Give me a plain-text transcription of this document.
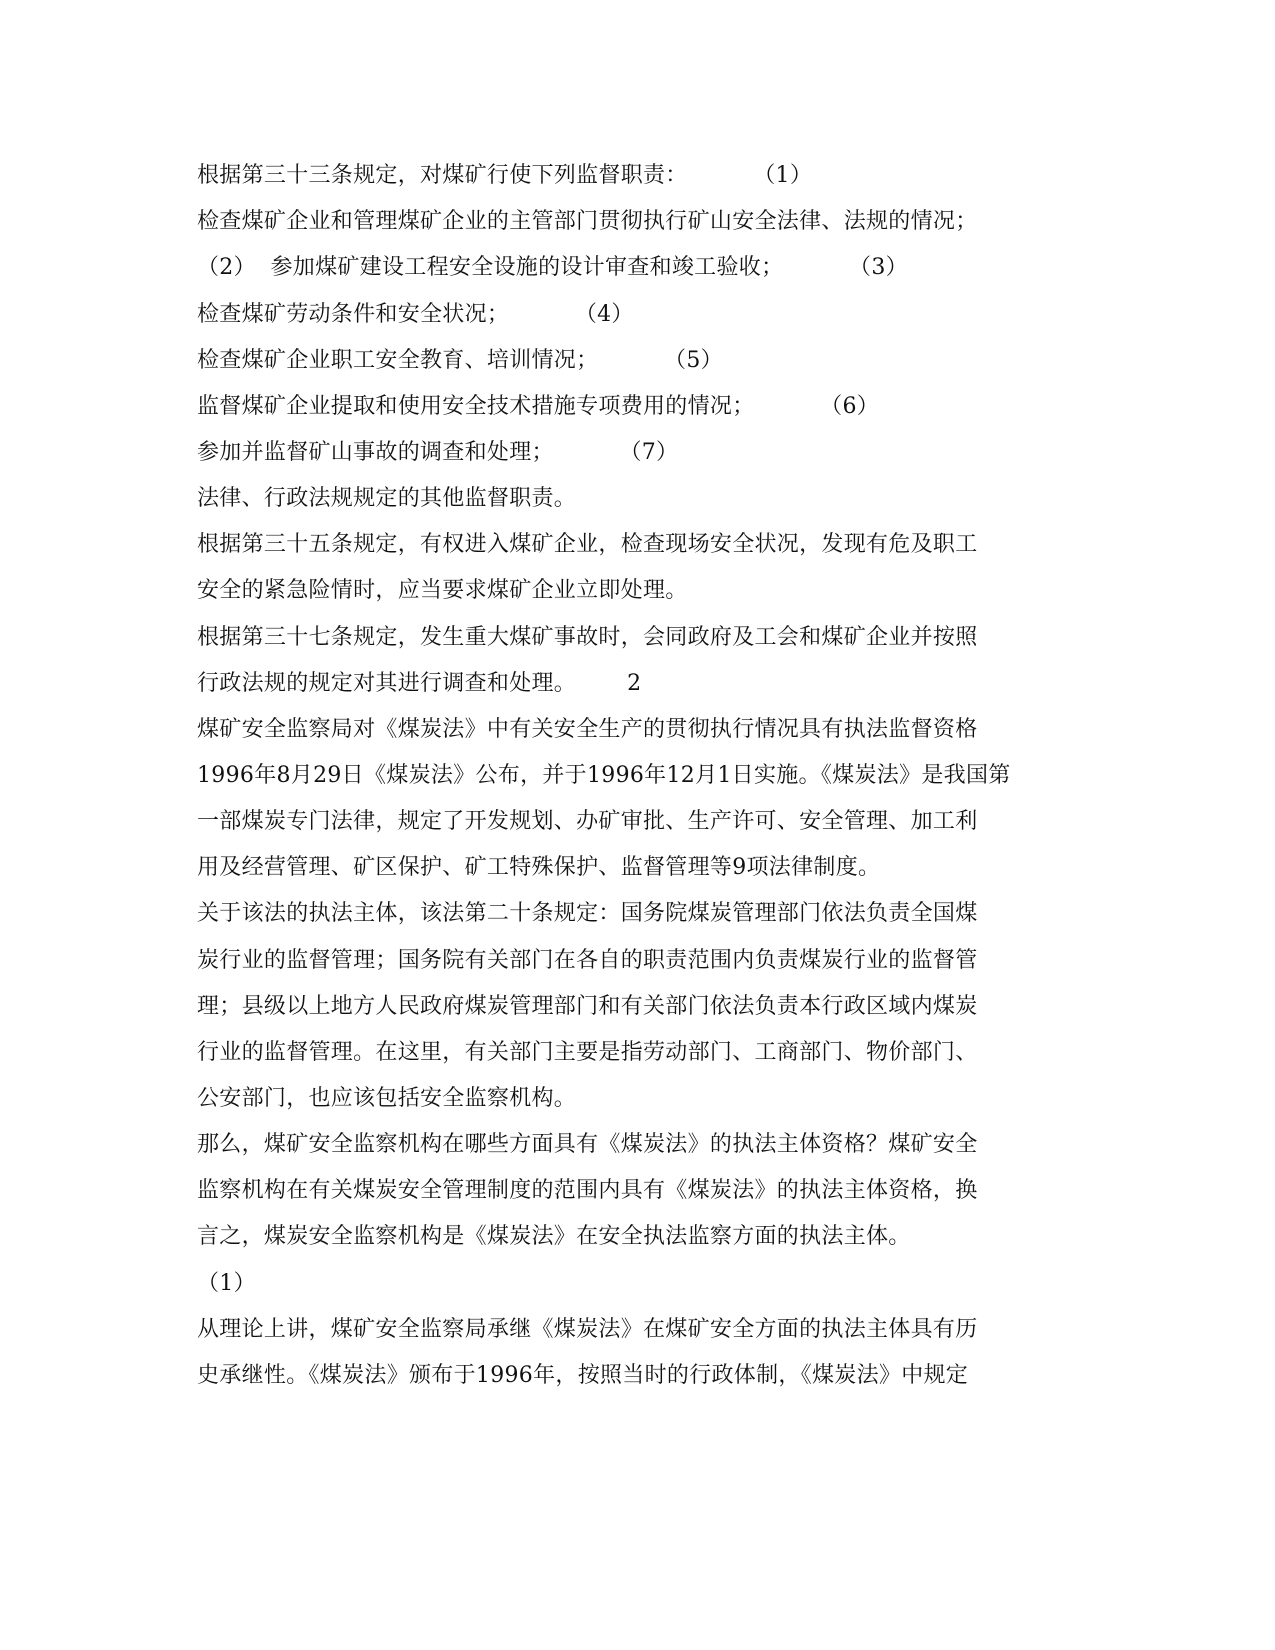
根据第三十三条规定，对煤矿行使下列监督职责：         （1）
检查煤矿企业和管理煤矿企业的主管部门贯彻执行矿山安全法律、法规的情况；
（2）  参加煤矿建设工程安全设施的设计审查和竣工验收；         （3）
检查煤矿劳动条件和安全状况；         （4）
检查煤矿企业职工安全教育、培训情况；         （5）
监督煤矿企业提取和使用安全技术措施专项费用的情况；         （6）
参加并监督矿山事故的调查和处理；         （7）
法律、行政法规规定的其他监督职责。
根据第三十五条规定，有权进入煤矿企业，检查现场安全状况，发现有危及职工
安全的紧急险情时，应当要求煤矿企业立即处理。
根据第三十七条规定，发生重大煤矿事故时，会同政府及工会和煤矿企业并按照
行政法规的规定对其进行调查和处理。       2
煤矿安全监察局对《煤炭法》中有关安全生产的贯彻执行情况具有执法监督资格
1996年8月29日《煤炭法》公布，并于1996年12月1日实施。《煤炭法》是我国第
一部煤炭专门法律，规定了开发规划、办矿审批、生产许可、安全管理、加工利
用及经营管理、矿区保护、矿工特殊保护、监督管理等9项法律制度。
关于该法的执法主体，该法第二十条规定：国务院煤炭管理部门依法负责全国煤
炭行业的监督管理；国务院有关部门在各自的职责范围内负责煤炭行业的监督管
理；县级以上地方人民政府煤炭管理部门和有关部门依法负责本行政区域内煤炭
行业的监督管理。在这里，有关部门主要是指劳动部门、工商部门、物价部门、
公安部门，也应该包括安全监察机构。
那么，煤矿安全监察机构在哪些方面具有《煤炭法》的执法主体资格？煤矿安全
监察机构在有关煤炭安全管理制度的范围内具有《煤炭法》的执法主体资格，换
言之，煤炭安全监察机构是《煤炭法》在安全执法监察方面的执法主体。
（1）
从理论上讲，煤矿安全监察局承继《煤炭法》在煤矿安全方面的执法主体具有历
史承继性。《煤炭法》颁布于1996年，按照当时的行政体制，《煤炭法》中规定
